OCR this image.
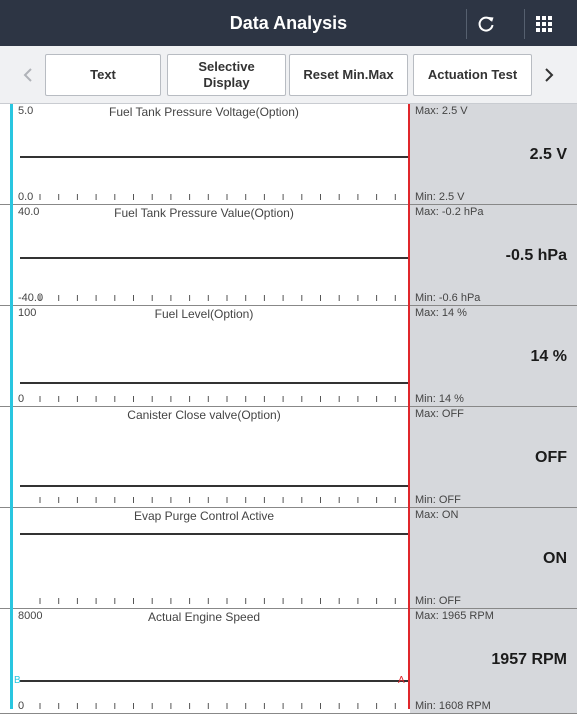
Data Analysis
Text
Selective Display
Reset Min.Max	Actuation Test
Fuel Tank Pressure Voltage(Option)
5.0
0.0
Max: 2.5 V
2.5 V
Min: 2.5 V
Fuel Tank Pressure Value(Option)
40.0
-40.0
Max: -0.2 hPa
-0.5 hPa
Min: -0.6 hPa
Fuel Level(Option)
100
0
Max: 14 %
14 %
Min: 14 %
Canister Close valve(Option)	Max: OFF
OFF
Min: OFF
Evap Purge Control Active	Max: ON
ON
Min: OFF
Actual Engine Speed
8000
0
Max: 1965 RPM
1957 RPM
Min: 1608 RPM
B	A
